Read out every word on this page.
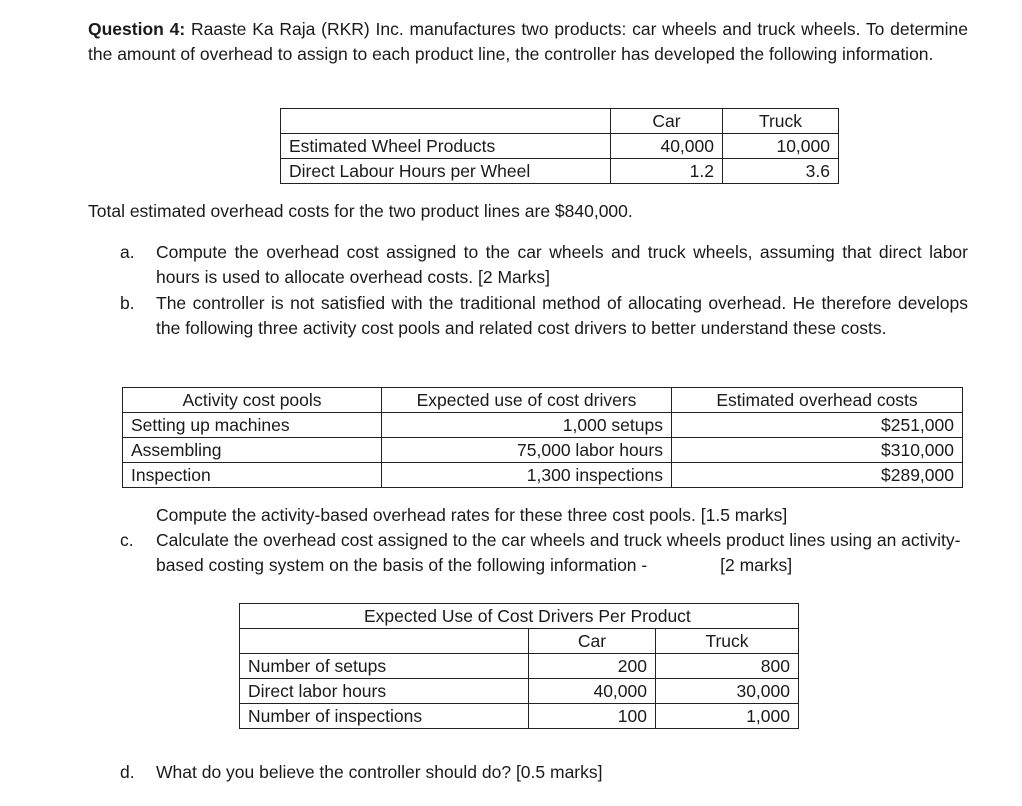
Question 4: Raaste Ka Raja (RKR) Inc. manufactures two products: car wheels and truck wheels. To determine the amount of overhead to assign to each product line, the controller has developed the following information.
	Car	Truck
Estimated Wheel Products	40,000	10,000
Direct Labour Hours per Wheel	1.2	3.6
Total estimated overhead costs for the two product lines are $840,000.
a. Compute the overhead cost assigned to the car wheels and truck wheels, assuming that direct labor hours is used to allocate overhead costs. [2 Marks]
b. The controller is not satisfied with the traditional method of allocating overhead. He therefore develops the following three activity cost pools and related cost drivers to better understand these costs.
Activity cost pools	Expected use of cost drivers	Estimated overhead costs
Setting up machines	1,000 setups	$251,000
Assembling	75,000 labor hours	$310,000
Inspection	1,300 inspections	$289,000
Compute the activity-based overhead rates for these three cost pools. [1.5 marks]
c. Calculate the overhead cost assigned to the car wheels and truck wheels product lines using an activity-based costing system on the basis of the following information -	[2 marks]
Expected Use of Cost Drivers Per Product		
	Car	Truck
Number of setups	200	800
Direct labor hours	40,000	30,000
Number of inspections	100	1,000
d. What do you believe the controller should do? [0.5 marks]
